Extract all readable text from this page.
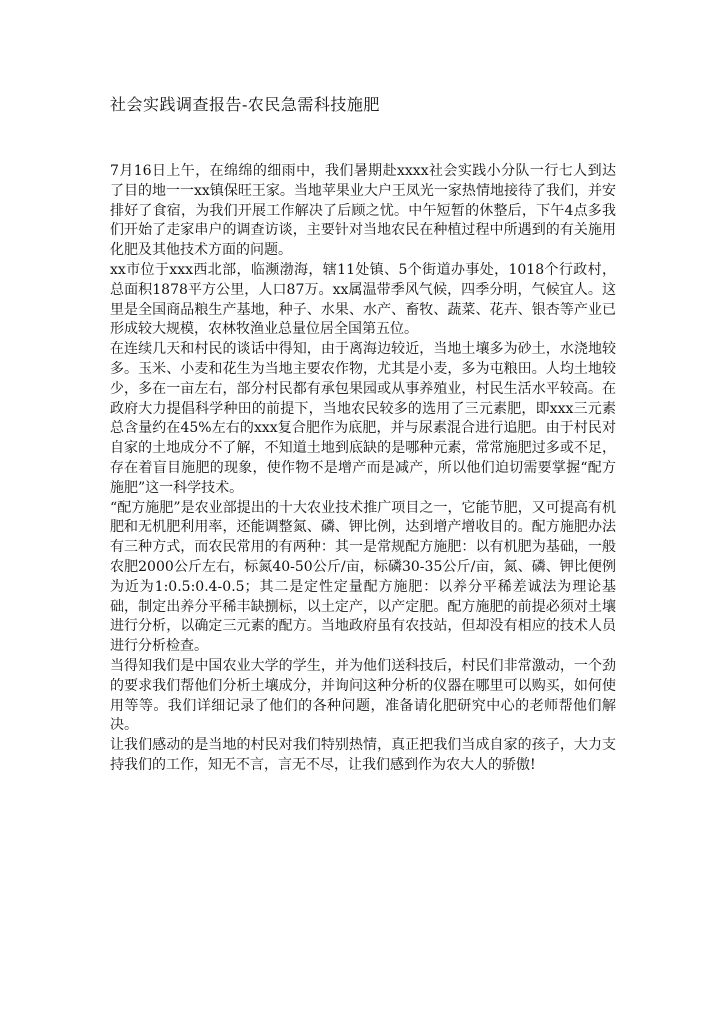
社会实践调查报告-农民急需科技施肥

7月16日上午，在绵绵的细雨中，我们暑期赴xxxx社会实践小分队一行七人到达了目的地一一xx镇保旺王家。当地苹果业大户王凤光一家热情地接待了我们，并安排好了食宿，为我们开展工作解决了后顾之忧。中午短暂的休整后，下午4点多我们开始了走家串户的调查访谈，主要针对当地农民在种植过程中所遇到的有关施用化肥及其他技术方面的问题。

xx市位于xxx西北部，临濒渤海，辖11处镇、5个街道办事处，1018个行政村，总面积1878平方公里，人口87万。xx属温带季风气候，四季分明，气候宜人。这里是全国商品粮生产基地，种子、水果、水产、畜牧、蔬菜、花卉、银杏等产业已形成较大规模，农林牧渔业总量位居全国第五位。

在连续几天和村民的谈话中得知，由于离海边较近，当地土壤多为砂土，水浇地较多。玉米、小麦和花生为当地主要农作物，尤其是小麦，多为屯粮田。人均土地较少，多在一亩左右，部分村民都有承包果园或从事养殖业，村民生活水平较高。在政府大力提倡科学种田的前提下，当地农民较多的选用了三元素肥，即xxx三元素总含量约在45%左右的xxx复合肥作为底肥，并与尿素混合进行追肥。由于村民对自家的土地成分不了解，不知道土地到底缺的是哪种元素，常常施肥过多或不足，存在着盲目施肥的现象，使作物不是增产而是减产，所以他们迫切需要掌握“配方施肥”这一科学技术。

“配方施肥”是农业部提出的十大农业技术推广项目之一，它能节肥，又可提高有机肥和无机肥利用率，还能调整氮、磷、钾比例，达到增产增收目的。配方施肥办法有三种方式，而农民常用的有两种：其一是常规配方施肥：以有机肥为基础，一般农肥2000公斤左右，标氮40-50公斤/亩，标磷30-35公斤/亩，氮、磷、钾比便例为近为1:0.5:0.4-0.5；其二是定性定量配方施肥：以养分平稀差诚法为理论基础，制定出养分平稀丰缺捌标，以土定产，以产定肥。配方施肥的前提必须对土壤进行分析，以确定三元素的配方。当地政府虽有农技站，但却没有相应的技术人员进行分析检查。

当得知我们是中国农业大学的学生，并为他们送科技后，村民们非常激动，一个劲的要求我们帮他们分析土壤成分，并询问这种分析的仪器在哪里可以购买，如何使用等等。我们详细记录了他们的各种问题，准备请化肥研究中心的老师帮他们解决。

让我们感动的是当地的村民对我们特别热情，真正把我们当成自家的孩子，大力支持我们的工作，知无不言，言无不尽，让我们感到作为农大人的骄傲!
